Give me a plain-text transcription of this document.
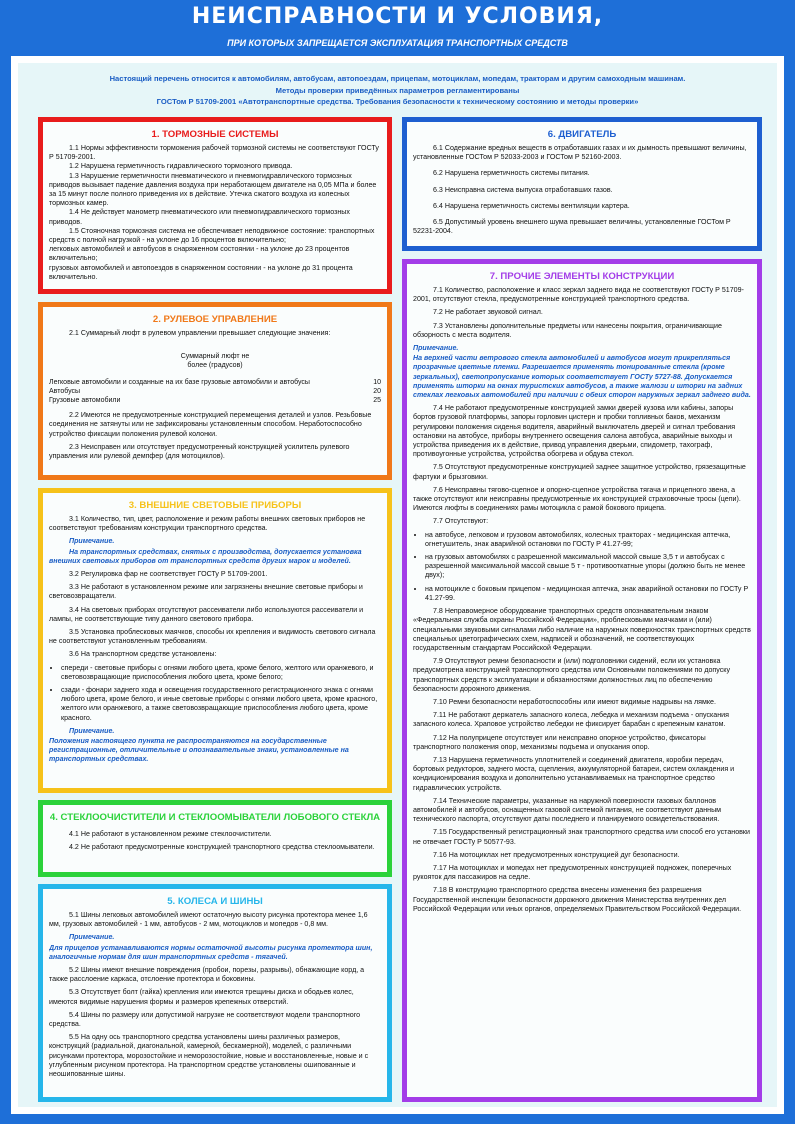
НЕИСПРАВНОСТИ И УСЛОВИЯ,
ПРИ КОТОРЫХ ЗАПРЕЩАЕТСЯ ЭКСПЛУАТАЦИЯ ТРАНСПОРТНЫХ СРЕДСТВ
Настоящий перечень относится к автомобилям, автобусам, автопоездам, прицепам, мотоциклам, мопедам, тракторам и другим самоходным машинам.
Методы проверки приведённых параметров регламентированы
ГОСТом Р 51709-2001 «Автотранспортные средства. Требования безопасности к техническому состоянию и методы проверки»
1. ТОРМОЗНЫЕ СИСТЕМЫ

1.1 Нормы эффективности торможения рабочей тормозной системы не соответствуют ГОСТу Р 51709-2001.

1.2 Нарушена герметичность гидравлического тормозного привода.

1.3 Нарушение герметичности пневматического и пневмогидравлического тормозных приводов вызывает падение давления воздуха при неработающем двигателе на 0,05 МПа и более за 15 минут после полного приведения их в действие. Утечка сжатого воздуха из колесных тормозных камер.

1.4 Не действует манометр пневматического или пневмогидравлического тормозных приводов.

1.5 Стояночная тормозная система не обеспечивает неподвижное состояние: транспортных средств с полной нагрузкой - на уклоне до 16 процентов включительно;

легковых автомобилей и автобусов в снаряженном состоянии - на уклоне до 23 процентов включительно;

грузовых автомобилей и автопоездов в снаряженном состоянии - на уклоне до 31 процента включительно.

2. РУЛЕВОЕ УПРАВЛЕНИЕ

2.1 Суммарный люфт в рулевом управлении превышает следующие значения:

Суммарный люфт не
более (градусов)
Легковые автомобили и созданные на их базе грузовые автомобили и автобусы	10
Автобусы	20
Грузовые автомобили	25

2.2 Имеются не предусмотренные конструкцией перемещения деталей и узлов. Резьбовые соединения не затянуты или не зафиксированы установленным способом. Неработоспособно устройство фиксации положения рулевой колонки.

2.3 Неисправен или отсутствует предусмотренный конструкцией усилитель рулевого управления или рулевой демпфер (для мотоциклов).

3. ВНЕШНИЕ СВЕТОВЫЕ ПРИБОРЫ

3.1 Количество, тип, цвет, расположение и режим работы внешних световых приборов не соответствуют требованиям конструкции транспортного средства.

Примечание.

На транспортных средствах, снятых с производства, допускается установка внешних световых приборов от транспортных средств других марок и моделей.

3.2 Регулировка фар не соответствует ГОСТу Р 51709-2001.

3.3 Не работают в установленном режиме или загрязнены внешние световые приборы и световозвращатели.

3.4 На световых приборах отсутствуют рассеиватели либо используются рассеиватели и лампы, не соответствующие типу данного светового прибора.

3.5 Установка проблесковых маячков, способы их крепления и видимость светового сигнала не соответствуют установленным требованиям.

3.6 На транспортном средстве установлены:

• спереди - световые приборы с огнями любого цвета, кроме белого, желтого или оранжевого, и световозвращающие приспособления любого цвета, кроме белого;
• сзади - фонари заднего хода и освещения государственного регистрационного знака с огнями любого цвета, кроме белого, и иные световые приборы с огнями любого цвета, кроме красного, желтого или оранжевого, а также световозвращающие приспособления любого цвета, кроме красного.

Примечание.

Положения настоящего пункта не распространяются на государственные регистрационные, отличительные и опознавательные знаки, установленные на транспортных средствах.

4. СТЕКЛООЧИСТИТЕЛИ И СТЕКЛООМЫВАТЕЛИ ЛОБОВОГО СТЕКЛА

4.1 Не работают в установленном режиме стеклоочистители.

4.2 Не работают предусмотренные конструкцией транспортного средства стеклоомыватели.

5. КОЛЕСА И ШИНЫ

5.1 Шины легковых автомобилей имеют остаточную высоту рисунка протектора менее 1,6 мм, грузовых автомобилей - 1 мм, автобусов - 2 мм, мотоциклов и мопедов - 0,8 мм.

Примечание.

Для прицепов устанавливаются нормы остаточной высоты рисунка протектора шин, аналогичные нормам для шин транспортных средств - тягачей.

5.2 Шины имеют внешние повреждения (пробои, порезы, разрывы), обнажающие корд, а также расслоение каркаса, отслоение протектора и боковины.

5.3 Отсутствует болт (гайка) крепления или имеются трещины диска и ободьев колес, имеются видимые нарушения формы и размеров крепежных отверстий.

5.4 Шины по размеру или допустимой нагрузке не соответствуют модели транспортного средства.

5.5 На одну ось транспортного средства установлены шины различных размеров, конструкций (радиальной, диагональной, камерной, бескамерной), моделей, с различными рисунками протектора, морозостойкие и неморозостойкие, новые и восстановленные, новые и с углубленным рисунком протектора. На транспортном средстве установлены ошипованные и неошипованные шины.

6. ДВИГАТЕЛЬ

6.1 Содержание вредных веществ в отработавших газах и их дымность превышают величины, установленные ГОСТом Р 52033-2003 и ГОСТом Р 52160-2003.

6.2 Нарушена герметичность системы питания.

6.3 Неисправна система выпуска отработавших газов.

6.4 Нарушена герметичность системы вентиляции картера.

6.5 Допустимый уровень внешнего шума превышает величины, установленные ГОСТом Р 52231-2004.

7. ПРОЧИЕ ЭЛЕМЕНТЫ КОНСТРУКЦИИ

7.1 Количество, расположение и класс зеркал заднего вида не соответствуют ГОСТу Р 51709-2001, отсутствуют стекла, предусмотренные конструкцией транспортного средства.

7.2 Не работает звуковой сигнал.

7.3 Установлены дополнительные предметы или нанесены покрытия, ограничивающие обзорность с места водителя.

Примечание.

На верхней части ветрового стекла автомобилей и автобусов могут прикрепляться прозрачные цветные пленки. Разрешается применять тонированные стекла (кроме зеркальных), светопропускание которых соответствует ГОСТу 5727-88. Допускается применять шторки на окнах туристских автобусов, а также жалюзи и шторки на задних стеклах легковых автомобилей при наличии с обеих сторон наружных зеркал заднего вида.

7.4 Не работают предусмотренные конструкцией замки дверей кузова или кабины, запоры бортов грузовой платформы, запоры горловин цистерн и пробки топливных баков, механизм регулировки положения сиденья водителя, аварийный выключатель дверей и сигнал требования остановки на автобусе, приборы внутреннего освещения салона автобуса, аварийные выходы и устройства приведения их в действие, привод управления дверьми, спидометр, тахограф, противоугонные устройства, устройства обогрева и обдува стекол.

7.5 Отсутствуют предусмотренные конструкцией заднее защитное устройство, грязезащитные фартуки и брызговики.

7.6 Неисправны тягово-сцепное и опорно-сцепное устройства тягача и прицепного звена, а также отсутствуют или неисправны предусмотренные их конструкцией страховочные тросы (цепи). Имеются люфты в соединениях рамы мотоцикла с рамой бокового прицепа.

7.7 Отсутствуют:

• на автобусе, легковом и грузовом автомобилях, колесных тракторах - медицинская аптечка, огнетушитель, знак аварийной остановки по ГОСТу Р 41.27-99;
• на грузовых автомобилях с разрешенной максимальной массой свыше 3,5 т и автобусах с разрешенной максимальной массой свыше 5 т - противооткатные упоры (должно быть не менее двух);
• на мотоцикле с боковым прицепом - медицинская аптечка, знак аварийной остановки по ГОСТу Р 41.27-99.

7.8 Неправомерное оборудование транспортных средств опознавательным знаком «Федеральная служба охраны Российской Федерации», проблесковыми маячками и (или) специальными звуковыми сигналами либо наличие на наружных поверхностях транспортных средств специальных цветографических схем, надписей и обозначений, не соответствующих государственным стандартам Российской Федерации.

7.9 Отсутствуют ремни безопасности и (или) подголовники сидений, если их установка предусмотрена конструкцией транспортного средства или Основными положениями по допуску транспортных средств к эксплуатации и обязанностями должностных лиц по обеспечению безопасности дорожного движения.

7.10 Ремни безопасности неработоспособны или имеют видимые надрывы на лямке.

7.11 Не работают держатель запасного колеса, лебедка и механизм подъема - опускания запасного колеса. Храповое устройство лебедки не фиксирует барабан с крепежным канатом.

7.12 На полуприцепе отсутствует или неисправно опорное устройство, фиксаторы транспортного положения опор, механизмы подъема и опускания опор.

7.13 Нарушена герметичность уплотнителей и соединений двигателя, коробки передач, бортовых редукторов, заднего моста, сцепления, аккумуляторной батареи, систем охлаждения и кондиционирования воздуха и дополнительно устанавливаемых на транспортное средство гидравлических устройств.

7.14 Технические параметры, указанные на наружной поверхности газовых баллонов автомобилей и автобусов, оснащенных газовой системой питания, не соответствуют данным технического паспорта, отсутствуют даты последнего и планируемого освидетельствования.

7.15 Государственный регистрационный знак транспортного средства или способ его установки не отвечает ГОСТу Р 50577-93.

7.16 На мотоциклах нет предусмотренных конструкцией дуг безопасности.

7.17 На мотоциклах и мопедах нет предусмотренных конструкцией подножек, поперечных рукояток для пассажиров на седле.

7.18 В конструкцию транспортного средства внесены изменения без разрешения Государственной инспекции безопасности дорожного движения Министерства внутренних дел Российской Федерации или иных органов, определяемых Правительством Российской Федерации.
